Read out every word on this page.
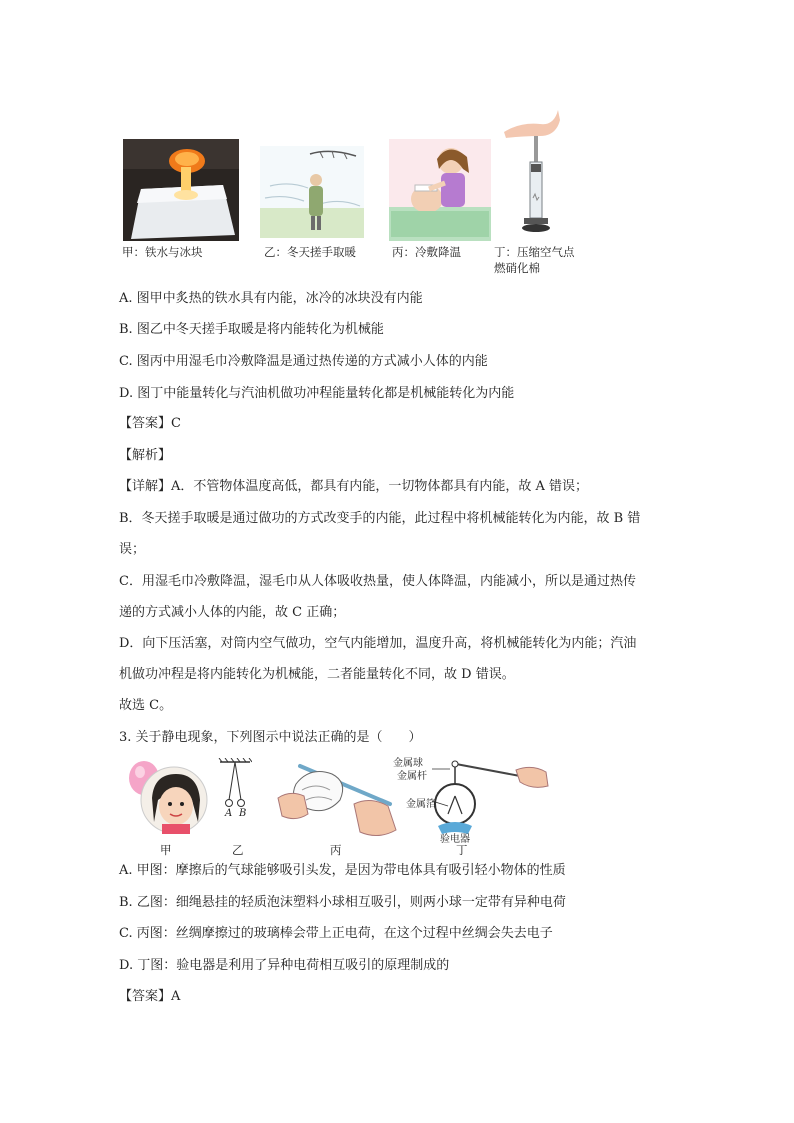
甲：铁水与冰块	乙：冬天搓手取暖	丙：冷敷降温	丁：压缩空气点
燃硝化棉
A. 图甲中炙热的铁水具有内能，冰冷的冰块没有内能
B. 图乙中冬天搓手取暖是将内能转化为机械能
C. 图丙中用湿毛巾冷敷降温是通过热传递的方式减小人体的内能
D. 图丁中能量转化与汽油机做功冲程能量转化都是机械能转化为内能
【答案】C
【解析】
【详解】A．不管物体温度高低，都具有内能，一切物体都具有内能，故 A 错误；
B．冬天搓手取暖是通过做功的方式改变手的内能，此过程中将机械能转化为内能，故 B 错
误；
C．用湿毛巾冷敷降温，湿毛巾从人体吸收热量，使人体降温，内能减小，所以是通过热传
递的方式减小人体的内能，故 C 正确；
D．向下压活塞，对筒内空气做功，空气内能增加，温度升高，将机械能转化为内能；汽油
机做功冲程是将内能转化为机械能，二者能量转化不同，故 D 错误。
故选 C。
3. 关于静电现象，下列图示中说法正确的是（　　）
A B
金属球
金属杆
金属箔
验电器
甲	乙	丙	丁
A. 甲图：摩擦后的气球能够吸引头发，是因为带电体具有吸引轻小物体的性质
B. 乙图：细绳悬挂的轻质泡沫塑料小球相互吸引，则两小球一定带有异种电荷
C. 丙图：丝绸摩擦过的玻璃棒会带上正电荷，在这个过程中丝绸会失去电子
D. 丁图：验电器是利用了异种电荷相互吸引的原理制成的
【答案】A
